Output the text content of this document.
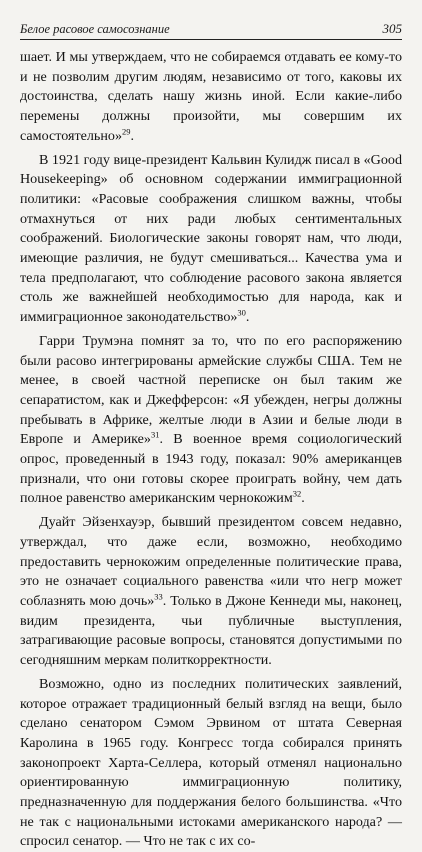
Белое расовое самосознание	305

шает. И мы утверждаем, что не собираемся отдавать ее кому-то и не позволим другим людям, независимо от того, каковы их достоинства, сделать нашу жизнь иной. Если какие-либо перемены должны произойти, мы совершим их самостоятельно»$^{29}$.

В 1921 году вице-президент Кальвин Кулидж писал в «Good Housekeeping» об основном содержании иммиграционной политики: «Расовые соображения слишком важны, чтобы отмахнуться от них ради любых сентиментальных соображений. Биологические законы говорят нам, что люди, имеющие различия, не будут смешиваться... Качества ума и тела предполагают, что соблюдение расового закона является столь же важнейшей необходимостью для народа, как и иммиграционное законодательство»$^{30}$.

Гарри Трумэна помнят за то, что по его распоряжению были расово интегрированы армейские службы США. Тем не менее, в своей частной переписке он был таким же сепаратистом, как и Джефферсон: «Я убежден, негры должны пребывать в Африке, желтые люди в Азии и белые люди в Европе и Америке»$^{31}$. В военное время социологический опрос, проведенный в 1943 году, показал: 90% американцев признали, что они готовы скорее проиграть войну, чем дать полное равенство американским чернокожим$^{32}$.

Дуайт Эйзенхауэр, бывший президентом совсем недавно, утверждал, что даже если, возможно, необходимо предоставить чернокожим определенные политические права, это не означает социального равенства «или что негр может соблазнять мою дочь»$^{33}$. Только в Джоне Кеннеди мы, наконец, видим президента, чьи публичные выступления, затрагивающие расовые вопросы, становятся допустимыми по сегодняшним меркам политкорректности.

Возможно, одно из последних политических заявлений, которое отражает традиционный белый взгляд на вещи, было сделано сенатором Сэмом Эрвином от штата Северная Каролина в 1965 году. Конгресс тогда собирался принять законопроект Харта-Селлера, который отменял национально ориентированную иммиграционную политику, предназначенную для поддержания белого большинства. «Что не так с национальными истоками американского народа? — спросил сенатор. — Что не так с их со-
